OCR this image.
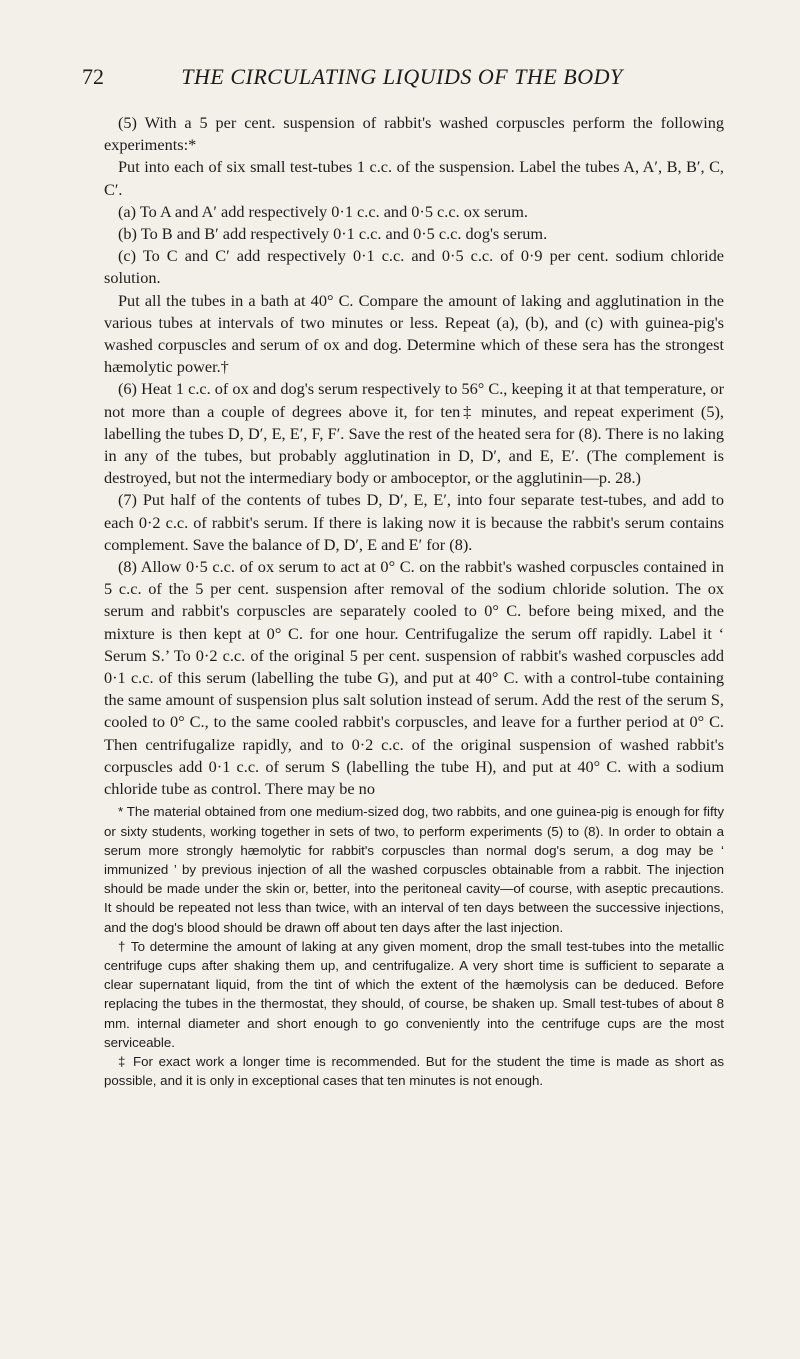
72	THE CIRCULATING LIQUIDS OF THE BODY

(5) With a 5 per cent. suspension of rabbit's washed corpuscles perform the following experiments:*

Put into each of six small test-tubes 1 c.c. of the suspension. Label the tubes A, A′, B, B′, C, C′.

(a) To A and A′ add respectively 0·1 c.c. and 0·5 c.c. ox serum.

(b) To B and B′ add respectively 0·1 c.c. and 0·5 c.c. dog's serum.

(c) To C and C′ add respectively 0·1 c.c. and 0·5 c.c. of 0·9 per cent. sodium chloride solution.

Put all the tubes in a bath at 40° C. Compare the amount of laking and agglutination in the various tubes at intervals of two minutes or less. Repeat (a), (b), and (c) with guinea-pig's washed corpuscles and serum of ox and dog. Determine which of these sera has the strongest hæmolytic power.†

(6) Heat 1 c.c. of ox and dog's serum respectively to 56° C., keeping it at that temperature, or not more than a couple of degrees above it, for ten‡ minutes, and repeat experiment (5), labelling the tubes D, D′, E, E′, F, F′. Save the rest of the heated sera for (8). There is no laking in any of the tubes, but probably agglutination in D, D′, and E, E′. (The complement is destroyed, but not the intermediary body or amboceptor, or the agglutinin—p. 28.)

(7) Put half of the contents of tubes D, D′, E, E′, into four separate test-tubes, and add to each 0·2 c.c. of rabbit's serum. If there is laking now it is because the rabbit's serum contains complement. Save the balance of D, D′, E and E′ for (8).

(8) Allow 0·5 c.c. of ox serum to act at 0° C. on the rabbit's washed corpuscles contained in 5 c.c. of the 5 per cent. suspension after removal of the sodium chloride solution. The ox serum and rabbit's corpuscles are separately cooled to 0° C. before being mixed, and the mixture is then kept at 0° C. for one hour. Centrifugalize the serum off rapidly. Label it ‘ Serum S.’ To 0·2 c.c. of the original 5 per cent. suspension of rabbit's washed corpuscles add 0·1 c.c. of this serum (labelling the tube G), and put at 40° C. with a control-tube containing the same amount of suspension plus salt solution instead of serum. Add the rest of the serum S, cooled to 0° C., to the same cooled rabbit's corpuscles, and leave for a further period at 0° C. Then centrifugalize rapidly, and to 0·2 c.c. of the original suspension of washed rabbit's corpuscles add 0·1 c.c. of serum S (labelling the tube H), and put at 40° C. with a sodium chloride tube as control. There may be no

* The material obtained from one medium-sized dog, two rabbits, and one guinea-pig is enough for fifty or sixty students, working together in sets of two, to perform experiments (5) to (8). In order to obtain a serum more strongly hæmolytic for rabbit's corpuscles than normal dog's serum, a dog may be ‘ immunized ’ by previous injection of all the washed corpuscles obtainable from a rabbit. The injection should be made under the skin or, better, into the peritoneal cavity—of course, with aseptic precautions. It should be repeated not less than twice, with an interval of ten days between the successive injections, and the dog's blood should be drawn off about ten days after the last injection.

† To determine the amount of laking at any given moment, drop the small test-tubes into the metallic centrifuge cups after shaking them up, and centrifugalize. A very short time is sufficient to separate a clear supernatant liquid, from the tint of which the extent of the hæmolysis can be deduced. Before replacing the tubes in the thermostat, they should, of course, be shaken up. Small test-tubes of about 8 mm. internal diameter and short enough to go conveniently into the centrifuge cups are the most serviceable.

‡ For exact work a longer time is recommended. But for the student the time is made as short as possible, and it is only in exceptional cases that ten minutes is not enough.
